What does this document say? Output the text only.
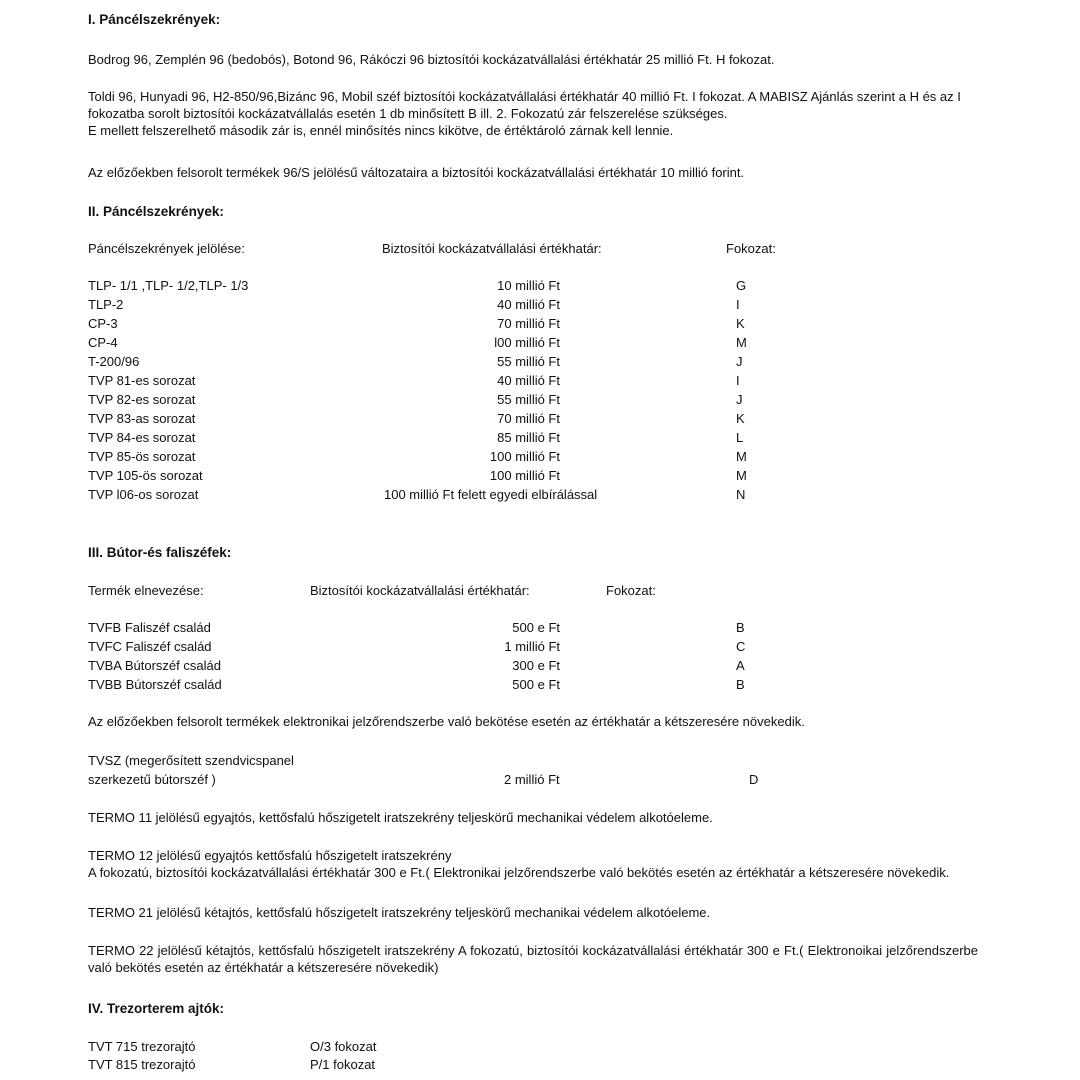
I. Páncélszekrények:
Bodrog 96, Zemplén 96 (bedobós), Botond 96, Rákóczi 96 biztosítói kockázatvállalási értékhatár 25 millió Ft. H fokozat.
Toldi 96, Hunyadi 96, H2-850/96,Bizánc 96, Mobil széf biztosítói kockázatvállalási értékhatár 40 millió Ft. I fokozat. A MABISZ Ajánlás szerint a H és az I
fokozatba sorolt biztosítói kockázatvállalás esetén 1 db minősített B ill. 2. Fokozatú zár felszerelése szükséges.
E mellett felszerelhető második zár is, ennél minősítés nincs kikötve, de értéktároló zárnak kell lennie.
Az előzőekben felsorolt termékek 96/S jelölésű változataira a biztosítói kockázatvállalási értékhatár 10 millió forint.
II. Páncélszekrények:
Páncélszekrények jelölése:	Biztosítói kockázatvállalási értékhatár:	Fokozat:
TLP- 1/1 ,TLP- 1/2,TLP- 1/3	10 millió Ft	G
TLP-2	40 millió Ft	I
CP-3	70 millió Ft	K
CP-4	l00 millió Ft	M
T-200/96	55 millió Ft	J
TVP 81-es sorozat	40 millió Ft	I
TVP 82-es sorozat	55 millió Ft	J
TVP 83-as sorozat	70 millió Ft	K
TVP 84-es sorozat	85 millió Ft	L
TVP 85-ös sorozat	100 millió Ft	M
TVP 105-ös sorozat	100 millió Ft	M
TVP l06-os sorozat	100 millió Ft felett egyedi elbírálással	N
III. Bútor-és faliszéfek:
Termék elnevezése:	Biztosítói kockázatvállalási értékhatár:	Fokozat:
TVFB Faliszéf család	500 e Ft	B
TVFC Faliszéf család	1 millió Ft	C
TVBA Bútorszéf család	300 e Ft	A
TVBB Bútorszéf család	500 e Ft	B
Az előzőekben felsorolt termékek elektronikai jelzőrendszerbe való bekötése esetén az értékhatár a kétszeresére növekedik.
TVSZ (megerősített szendvicspanel
szerkezetű bútorszéf )	2 millió Ft	D
TERMO 11 jelölésű egyajtós, kettősfalú hőszigetelt iratszekrény teljeskörű mechanikai védelem alkotóeleme.
TERMO 12 jelölésű egyajtós kettősfalú hőszigetelt iratszekrény
A fokozatú, biztosítói kockázatvállalási értékhatár 300 e Ft.( Elektronikai jelzőrendszerbe való bekötés esetén az értékhatár a kétszeresére növekedik.
TERMO 21 jelölésű kétajtós, kettősfalú hőszigetelt iratszekrény teljeskörű mechanikai védelem alkotóeleme.
TERMO 22 jelölésű kétajtós, kettősfalú hőszigetelt iratszekrény A fokozatú, biztosítói kockázatvállalási értékhatár 300 e Ft.( Elektronoikai jelzőrendszerbe való bekötés esetén az értékhatár a kétszeresére növekedik)
IV. Trezorterem ajtók:
TVT 715 trezorajtó	O/3 fokozat
TVT 815 trezorajtó	P/1 fokozat
